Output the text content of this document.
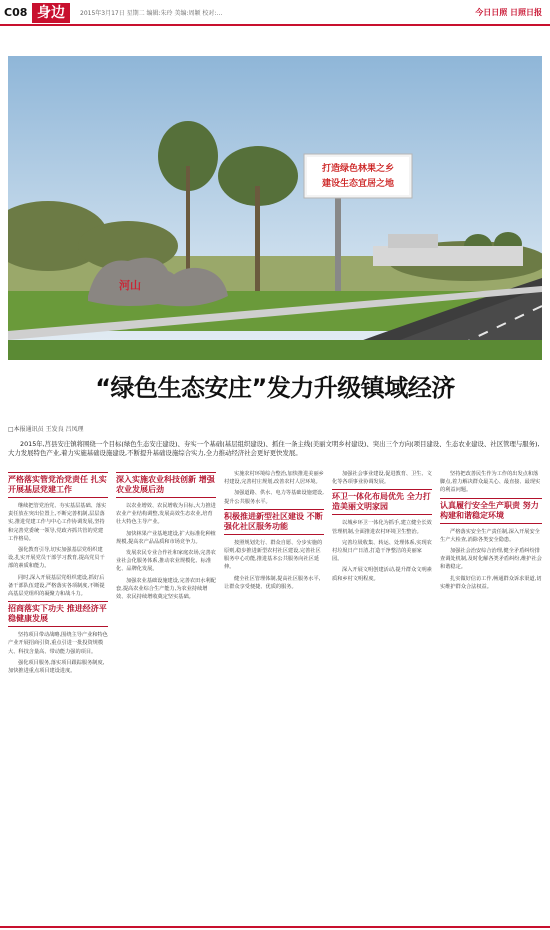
C08 身边	2015年3月17日 星期二 编辑:朱玲 美编:周颖 校对:…	今日日照 日照日报
打造绿色林果之乡
建设生态宜居之地
河山
“绿色生态安庄”发力升级镇域经济
□本报通讯员 王发良 吕凤理
2015年,莒县安庄镇将围绕一个目标(绿色生态安庄建设)、夯实一个基础(基层组织建设)、抓住一条主线(美丽文明乡村建设)、突出三个方向(项目建设、生态农业建设、社区管理与服务),大力发展特色产业,着力实施基础设施建设,不断提升基础设施综合实力,全力推动经济社会更好更快发展。
严格落实管党治党责任 扎实开展基层党建工作

继续把管党治党、夯实基层基础、落实责任放在突出位置上,不断完善机制,层层落实,推进党建工作与中心工作协调发展,坚持和完善党委统一领导,党政齐抓共管的党建工作格局。

强化教育引导,切实加强基层党组织建设,扎实开展党员干部学习教育,提高党员干部的素质和能力。

同时,深入开展基层党组织建设,抓好后备干部队伍建设,严格落实各项制度,不断提高基层党组织的凝聚力和战斗力。

招商落实下功夫 推进经济平稳健康发展

坚持项目带动战略,围绕主导产业和特色产业开展招商引资,重点引进一批投资规模大、科技含量高、带动能力强的项目。

强化项目服务,落实项目跟踪服务制度,加快推进重点项目建设进度。

深入实施农业科技创新 增强农业发展后劲

以农业增效、农民增收为目标,大力推进农业产业结构调整,发展高效生态农业,培育壮大特色主导产业。

加快林果产业基地建设,扩大标准化种植规模,提高农产品品质和市场竞争力。

发展农民专业合作社和家庭农场,完善农业社会化服务体系,推动农业规模化、标准化、品牌化发展。

加强农业基础设施建设,完善农田水利配套,提高农业综合生产能力,为农业持续增效、农民持续增收奠定坚实基础。

实施农村环境综合整治,加快推进美丽乡村建设,完善村庄规划,改善农村人居环境。

加强道路、供水、电力等基础设施建设,提升公共服务水平。

积极推进新型社区建设 不断强化社区服务功能

按照规划先行、群众自愿、分步实施的原则,稳步推进新型农村社区建设,完善社区服务中心功能,推进基本公共服务向社区延伸。

健全社区管理体制,提高社区服务水平,让群众享受便捷、优质的服务。

加强社会事业建设,促进教育、卫生、文化等各项事业协调发展。

环卫一体化布局优先 全力打造美丽文明家园

以城乡环卫一体化为抓手,建立健全长效管理机制,全面推进农村环境卫生整治。

完善垃圾收集、转运、处理体系,实现农村垃圾日产日清,打造干净整洁的美丽家园。

深入开展文明创建活动,提升群众文明素质和乡村文明程度。

坚持把改善民生作为工作的出发点和落脚点,着力解决群众最关心、最直接、最现实的利益问题。

认真履行安全生产职责 努力构建和谐稳定环境

严格落实安全生产责任制,深入开展安全生产大检查,消除各类安全隐患。

加强社会治安综合治理,健全矛盾纠纷排查调处机制,及时化解各类矛盾纠纷,维护社会和谐稳定。

扎实做好信访工作,畅通群众诉求渠道,切实维护群众合法权益。
